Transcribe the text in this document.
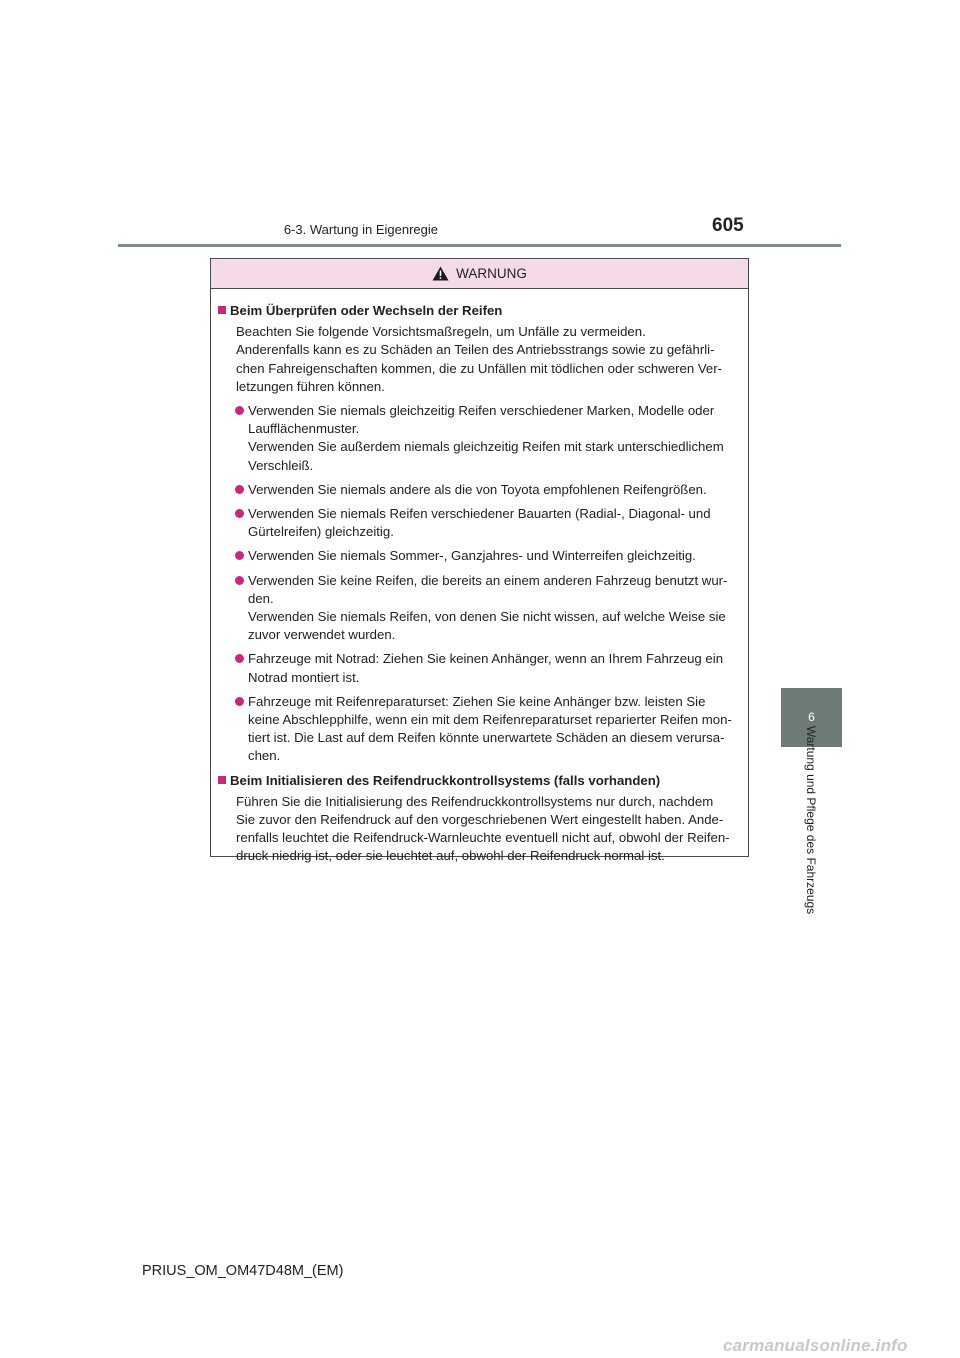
6-3. Wartung in Eigenregie	605
6
Wartung und Pflege des Fahrzeugs
WARNUNG
Beim Überprüfen oder Wechseln der Reifen
Beachten Sie folgende Vorsichtsmaßregeln, um Unfälle zu vermeiden.
Anderenfalls kann es zu Schäden an Teilen des Antriebsstrangs sowie zu gefährli-
chen Fahreigenschaften kommen, die zu Unfällen mit tödlichen oder schweren Ver-
letzungen führen können.
Verwenden Sie niemals gleichzeitig Reifen verschiedener Marken, Modelle oder
Laufflächenmuster.
Verwenden Sie außerdem niemals gleichzeitig Reifen mit stark unterschiedlichem
Verschleiß.
Verwenden Sie niemals andere als die von Toyota empfohlenen Reifengrößen.
Verwenden Sie niemals Reifen verschiedener Bauarten (Radial-, Diagonal- und
Gürtelreifen) gleichzeitig.
Verwenden Sie niemals Sommer-, Ganzjahres- und Winterreifen gleichzeitig.
Verwenden Sie keine Reifen, die bereits an einem anderen Fahrzeug benutzt wur-
den.
Verwenden Sie niemals Reifen, von denen Sie nicht wissen, auf welche Weise sie
zuvor verwendet wurden.
Fahrzeuge mit Notrad: Ziehen Sie keinen Anhänger, wenn an Ihrem Fahrzeug ein
Notrad montiert ist.
Fahrzeuge mit Reifenreparaturset: Ziehen Sie keine Anhänger bzw. leisten Sie
keine Abschlepphilfe, wenn ein mit dem Reifenreparaturset reparierter Reifen mon-
tiert ist. Die Last auf dem Reifen könnte unerwartete Schäden an diesem verursa-
chen.
Beim Initialisieren des Reifendruckkontrollsystems (falls vorhanden)
Führen Sie die Initialisierung des Reifendruckkontrollsystems nur durch, nachdem
Sie zuvor den Reifendruck auf den vorgeschriebenen Wert eingestellt haben. Ande-
renfalls leuchtet die Reifendruck-Warnleuchte eventuell nicht auf, obwohl der Reifen-
druck niedrig ist, oder sie leuchtet auf, obwohl der Reifendruck normal ist.
PRIUS_OM_OM47D48M_(EM)
carmanualsonline.info
